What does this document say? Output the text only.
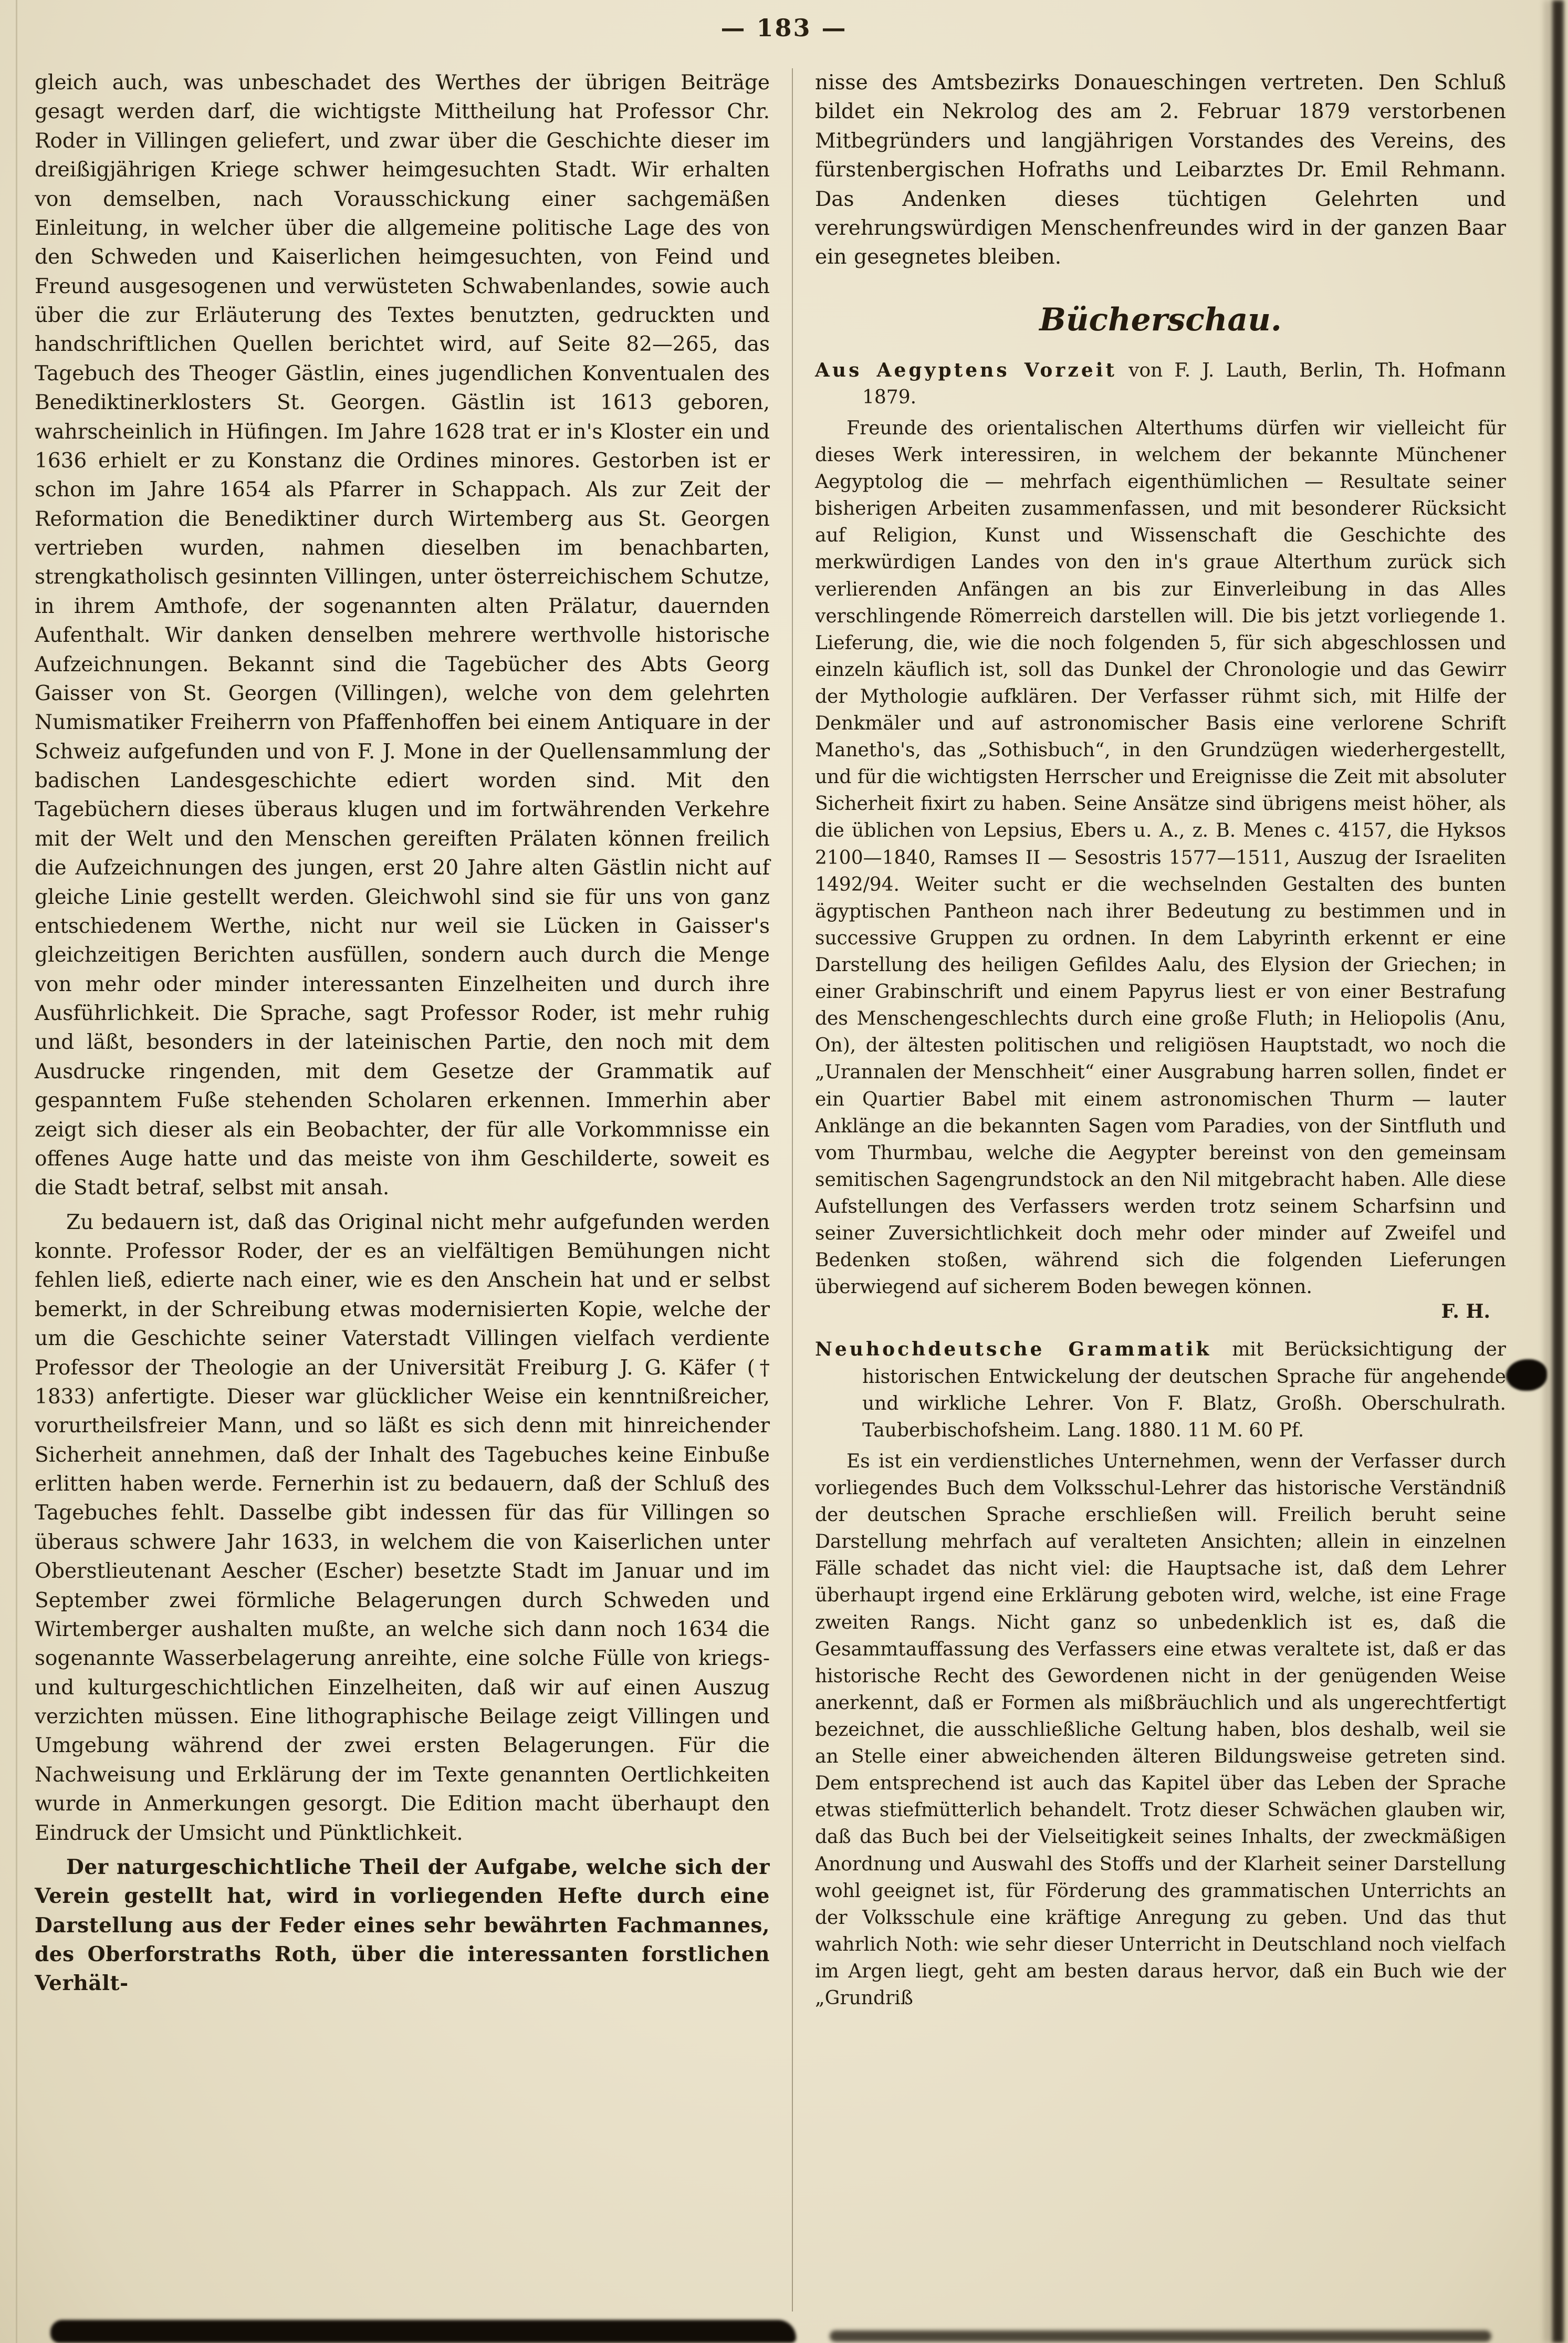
— 183 —

gleich auch, was unbeschadet des Werthes der übrigen Beiträge gesagt werden darf, die wichtigste Mittheilung hat Professor Chr. Roder in Villingen geliefert, und zwar über die Geschichte dieser im dreißigjährigen Kriege schwer heimgesuchten Stadt. Wir erhalten von demselben, nach Vorausschickung einer sachgemäßen Einleitung, in welcher über die allgemeine politische Lage des von den Schweden und Kaiserlichen heimgesuchten, von Feind und Freund ausgesogenen und verwüsteten Schwabenlandes, sowie auch über die zur Erläuterung des Textes benutzten, gedruckten und handschriftlichen Quellen berichtet wird, auf Seite 82—265, das Tagebuch des Theoger Gästlin, eines jugendlichen Konventualen des Benediktinerklosters St. Georgen. Gästlin ist 1613 geboren, wahrscheinlich in Hüfingen. Im Jahre 1628 trat er in's Kloster ein und 1636 erhielt er zu Konstanz die Ordines minores. Gestorben ist er schon im Jahre 1654 als Pfarrer in Schappach. Als zur Zeit der Reformation die Benediktiner durch Wirtemberg aus St. Georgen vertrieben wurden, nahmen dieselben im benachbarten, strengkatholisch gesinnten Villingen, unter österreichischem Schutze, in ihrem Amthofe, der sogenannten alten Prälatur, dauernden Aufenthalt. Wir danken denselben mehrere werthvolle historische Aufzeichnungen. Bekannt sind die Tagebücher des Abts Georg Gaisser von St. Georgen (Villingen), welche von dem gelehrten Numismatiker Freiherrn von Pfaffenhoffen bei einem Antiquare in der Schweiz aufgefunden und von F. J. Mone in der Quellensammlung der badischen Landesgeschichte ediert worden sind. Mit den Tagebüchern dieses überaus klugen und im fortwährenden Verkehre mit der Welt und den Menschen gereiften Prälaten können freilich die Aufzeichnungen des jungen, erst 20 Jahre alten Gästlin nicht auf gleiche Linie gestellt werden. Gleichwohl sind sie für uns von ganz entschiedenem Werthe, nicht nur weil sie Lücken in Gaisser's gleichzeitigen Berichten ausfüllen, sondern auch durch die Menge von mehr oder minder interessanten Einzelheiten und durch ihre Ausführlichkeit. Die Sprache, sagt Professor Roder, ist mehr ruhig und läßt, besonders in der lateinischen Partie, den noch mit dem Ausdrucke ringenden, mit dem Gesetze der Grammatik auf gespanntem Fuße stehenden Scholaren erkennen. Immerhin aber zeigt sich dieser als ein Beobachter, der für alle Vorkommnisse ein offenes Auge hatte und das meiste von ihm Geschilderte, soweit es die Stadt betraf, selbst mit ansah.

Zu bedauern ist, daß das Original nicht mehr aufgefunden werden konnte. Professor Roder, der es an vielfältigen Bemühungen nicht fehlen ließ, edierte nach einer, wie es den Anschein hat und er selbst bemerkt, in der Schreibung etwas modernisierten Kopie, welche der um die Geschichte seiner Vaterstadt Villingen vielfach verdiente Professor der Theologie an der Universität Freiburg J. G. Käfer († 1833) anfertigte. Dieser war glücklicher Weise ein kenntnißreicher, vorurtheilsfreier Mann, und so läßt es sich denn mit hinreichender Sicherheit annehmen, daß der Inhalt des Tagebuches keine Einbuße erlitten haben werde. Fernerhin ist zu bedauern, daß der Schluß des Tagebuches fehlt. Dasselbe gibt indessen für das für Villingen so überaus schwere Jahr 1633, in welchem die von Kaiserlichen unter Oberstlieutenant Aescher (Escher) besetzte Stadt im Januar und im September zwei förmliche Belagerungen durch Schweden und Wirtemberger aushalten mußte, an welche sich dann noch 1634 die sogenannte Wasserbelagerung anreihte, eine solche Fülle von kriegs- und kulturgeschichtlichen Einzelheiten, daß wir auf einen Auszug verzichten müssen. Eine lithographische Beilage zeigt Villingen und Umgebung während der zwei ersten Belagerungen. Für die Nachweisung und Erklärung der im Texte genannten Oertlichkeiten wurde in Anmerkungen gesorgt. Die Edition macht überhaupt den Eindruck der Umsicht und Pünktlichkeit.

Der naturgeschichtliche Theil der Aufgabe, welche sich der Verein gestellt hat, wird in vorliegenden Hefte durch eine Darstellung aus der Feder eines sehr bewährten Fachmannes, des Oberforstraths Roth, über die interessanten forstlichen Verhält-

nisse des Amtsbezirks Donaueschingen vertreten. Den Schluß bildet ein Nekrolog des am 2. Februar 1879 verstorbenen Mitbegründers und langjährigen Vorstandes des Vereins, des fürstenbergischen Hofraths und Leibarztes Dr. Emil Rehmann. Das Andenken dieses tüchtigen Gelehrten und verehrungswürdigen Menschenfreundes wird in der ganzen Baar ein gesegnetes bleiben.

Bücherschau.

Aus Aegyptens Vorzeit von F. J. Lauth, Berlin, Th. Hofmann 1879.

Freunde des orientalischen Alterthums dürfen wir vielleicht für dieses Werk interessiren, in welchem der bekannte Münchener Aegyptolog die — mehrfach eigenthümlichen — Resultate seiner bisherigen Arbeiten zusammenfassen, und mit besonderer Rücksicht auf Religion, Kunst und Wissenschaft die Geschichte des merkwürdigen Landes von den in's graue Alterthum zurück sich verlierenden Anfängen an bis zur Einverleibung in das Alles verschlingende Römerreich darstellen will. Die bis jetzt vorliegende 1. Lieferung, die, wie die noch folgenden 5, für sich abgeschlossen und einzeln käuflich ist, soll das Dunkel der Chronologie und das Gewirr der Mythologie aufklären. Der Verfasser rühmt sich, mit Hilfe der Denkmäler und auf astronomischer Basis eine verlorene Schrift Manetho's, das „Sothisbuch“, in den Grundzügen wiederhergestellt, und für die wichtigsten Herrscher und Ereignisse die Zeit mit absoluter Sicherheit fixirt zu haben. Seine Ansätze sind übrigens meist höher, als die üblichen von Lepsius, Ebers u. A., z. B. Menes c. 4157, die Hyksos 2100—1840, Ramses II — Sesostris 1577—1511, Auszug der Israeliten 1492/94. Weiter sucht er die wechselnden Gestalten des bunten ägyptischen Pantheon nach ihrer Bedeutung zu bestimmen und in successive Gruppen zu ordnen. In dem Labyrinth erkennt er eine Darstellung des heiligen Gefildes Aalu, des Elysion der Griechen; in einer Grabinschrift und einem Papyrus liest er von einer Bestrafung des Menschengeschlechts durch eine große Fluth; in Heliopolis (Anu, On), der ältesten politischen und religiösen Hauptstadt, wo noch die „Urannalen der Menschheit“ einer Ausgrabung harren sollen, findet er ein Quartier Babel mit einem astronomischen Thurm — lauter Anklänge an die bekannten Sagen vom Paradies, von der Sintfluth und vom Thurmbau, welche die Aegypter bereinst von den gemeinsam semitischen Sagengrundstock an den Nil mitgebracht haben. Alle diese Aufstellungen des Verfassers werden trotz seinem Scharfsinn und seiner Zuversichtlichkeit doch mehr oder minder auf Zweifel und Bedenken stoßen, während sich die folgenden Lieferungen überwiegend auf sicherem Boden bewegen können.

F. H.

Neuhochdeutsche Grammatik mit Berücksichtigung der historischen Entwickelung der deutschen Sprache für angehende und wirkliche Lehrer. Von F. Blatz, Großh. Oberschulrath. Tauberbischofsheim. Lang. 1880. 11 M. 60 Pf.

Es ist ein verdienstliches Unternehmen, wenn der Verfasser durch vorliegendes Buch dem Volksschul-Lehrer das historische Verständniß der deutschen Sprache erschließen will. Freilich beruht seine Darstellung mehrfach auf veralteten Ansichten; allein in einzelnen Fälle schadet das nicht viel: die Hauptsache ist, daß dem Lehrer überhaupt irgend eine Erklärung geboten wird, welche, ist eine Frage zweiten Rangs. Nicht ganz so unbedenklich ist es, daß die Gesammtauffassung des Verfassers eine etwas veraltete ist, daß er das historische Recht des Gewordenen nicht in der genügenden Weise anerkennt, daß er Formen als mißbräuchlich und als ungerechtfertigt bezeichnet, die ausschließliche Geltung haben, blos deshalb, weil sie an Stelle einer abweichenden älteren Bildungsweise getreten sind. Dem entsprechend ist auch das Kapitel über das Leben der Sprache etwas stiefmütterlich behandelt. Trotz dieser Schwächen glauben wir, daß das Buch bei der Vielseitigkeit seines Inhalts, der zweckmäßigen Anordnung und Auswahl des Stoffs und der Klarheit seiner Darstellung wohl geeignet ist, für Förderung des grammatischen Unterrichts an der Volksschule eine kräftige Anregung zu geben. Und das thut wahrlich Noth: wie sehr dieser Unterricht in Deutschland noch vielfach im Argen liegt, geht am besten daraus hervor, daß ein Buch wie der „Grundriß
